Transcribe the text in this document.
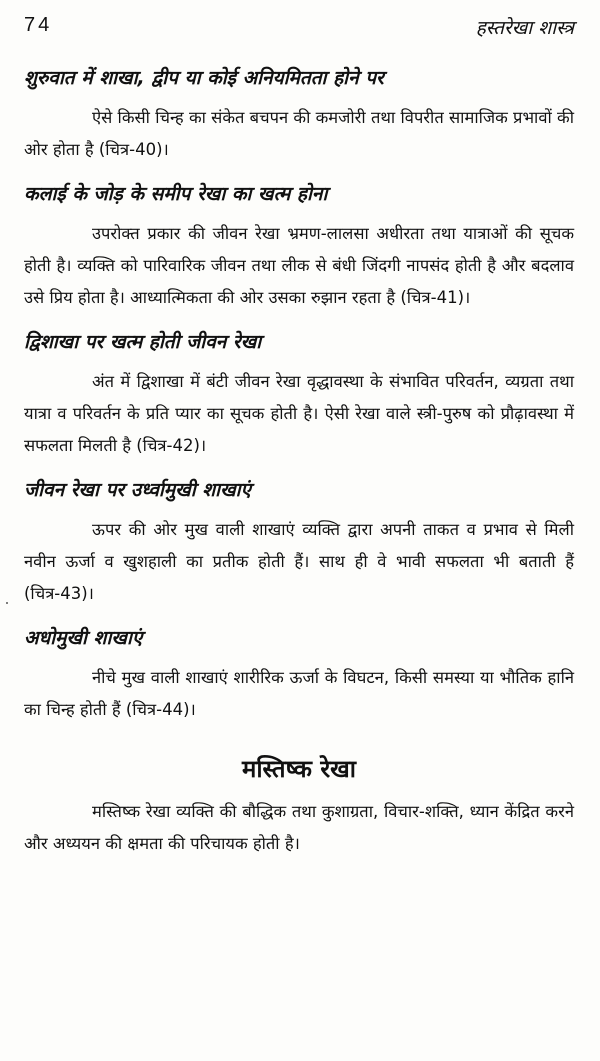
74	हस्तरेखा शास्त्र
शुरुवात में शाखा, द्वीप या कोई अनियमितता होने पर

ऐसे किसी चिन्ह का संकेत बचपन की कमजोरी तथा विपरीत सामाजिक प्रभावों की ओर होता है (चित्र-40)।

कलाई के जोड़ के समीप रेखा का खत्म होना

उपरोक्त प्रकार की जीवन रेखा भ्रमण-लालसा अधीरता तथा यात्राओं की सूचक होती है। व्यक्ति को पारिवारिक जीवन तथा लीक से बंधी जिंदगी नापसंद होती है और बदलाव उसे प्रिय होता है। आध्यात्मिकता की ओर उसका रुझान रहता है (चित्र-41)।

द्विशाखा पर खत्म होती जीवन रेखा

अंत में द्विशाखा में बंटी जीवन रेखा वृद्धावस्था के संभावित परिवर्तन, व्यग्रता तथा यात्रा व परिवर्तन के प्रति प्यार का सूचक होती है। ऐसी रेखा वाले स्त्री-पुरुष को प्रौढ़ावस्था में सफलता मिलती है (चित्र-42)।

जीवन रेखा पर उर्ध्वामुखी शाखाएं

ऊपर की ओर मुख वाली शाखाएं व्यक्ति द्वारा अपनी ताकत व प्रभाव से मिली नवीन ऊर्जा व खुशहाली का प्रतीक होती हैं। साथ ही वे भावी सफलता भी बताती हैं (चित्र-43)।

अधोमुखी शाखाएं

नीचे मुख वाली शाखाएं शारीरिक ऊर्जा के विघटन, किसी समस्या या भौतिक हानि का चिन्ह होती हैं (चित्र-44)।

मस्तिष्क रेखा

मस्तिष्क रेखा व्यक्ति की बौद्धिक तथा कुशाग्रता, विचार-शक्ति, ध्यान केंद्रित करने और अध्ययन की क्षमता की परिचायक होती है।
